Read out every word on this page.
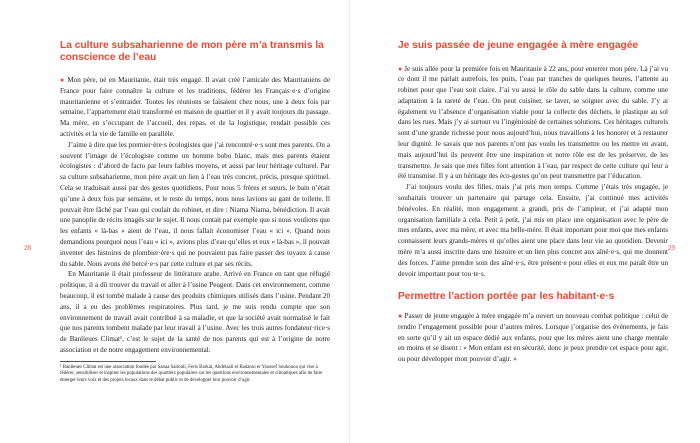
28
La culture subsaharienne de mon père m’a transmis la conscience de l’eau

● Mon père, né en Mauritanie, était très engagé. Il avait créé l’amicale des Mauritaniens de France pour faire connaître la culture et les traditions, fédérer les Français·e·s d’origine mauritanienne et s’entraider. Toutes les réunions se faisaient chez nous, une à deux fois par semaine, l’appartement était transformé en maison de quartier et il y avait toujours du passage. Ma mère, en s’occupant de l’accueil, des repas, et de la logistique, rendait possible ces activités et la vie de famille en parallèle.

J’aime à dire que les premier·ère·s écologistes que j’ai rencontré·e·s sont mes parents. On a souvent l’image de l’écologiste comme un homme bobo blanc, mais mes parents étaient écologistes : d’abord de facto par leurs faibles moyens, et aussi par leur héritage culturel. Par sa culture subsaharienne, mon père avait un lien à l’eau très concret, précis, presque spirituel. Cela se traduisait aussi par des gestes quotidiens. Pour nous 5 frères et sœurs, le bain n’était qu’une à deux fois par semaine, et le reste du temps, nous nous lavions au gant de toilette. Il pouvait être fâché par l’eau qui coulait du robinet, et dire : Niama Niama, bénédiction. Il avait une panoplie de récits imagés sur le sujet. Il nous contait par exemple que si nous voulions que les enfants « là-bas » aient de l’eau, il nous fallait économiser l’eau « ici ». Quand nous demandions pourquoi nous l’eau « ici », avions plus d’eau qu’elles et eux « là-bas », il pouvait inventer des histoires de plombier·ère·s qui ne pouvaient pas faire passer des tuyaux à cause du sable. Nous avons été bercé·e·s par cette culture et par ses récits.

En Mauritanie il était professeur de littérature arabe. Arrivé en France en tant que réfugié politique, il a dû trouver du travail et aller à l’usine Peugeot. Dans cet environnement, comme beaucoup, il est tombé malade à cause des produits chimiques utilisés dans l’usine. Pendant 20 ans, il a eu des problèmes respiratoires. Plus tard, je me suis rendu compte que son environnement de travail avait contribué à sa maladie, et que la société avait normalisé le fait que nos parents tombent malade par leur travail à l’usine. Avec les trois autres fondateur·rice·s de Banlieues Climat¹, c’est le sujet de la santé de nos parents qui est à l’origine de notre association et de notre engagement environnemental.

¹ Banlieues Climat est une association fondée par Sanaa Saitouli, Feris Barkat, Abdelaali el Badaoui et Youssef Soukouna qui vise à fédérer, sensibiliser et inspirer les populations des quartiers populaires sur les questions environnementales et climatiques afin de faire émerger leurs voix et des projets locaux dans le débat public et de développer leur pouvoir d’agir.

29
Je suis passée de jeune engagée à mère engagée

● Je suis allée pour la première fois en Mauritanie à 22 ans, pour enterrer mon père. Là j’ai vu ce dont il me parlait autrefois, les puits, l’eau par tranches de quelques heures, l’attente au robinet pour que l’eau soit claire. J’ai vu aussi le rôle du sable dans la culture, comme une adaptation à la rareté de l’eau. On peut cuisiner, se laver, se soigner avec du sable. J’y ai également vu l’absence d’organisation viable pour la collecte des déchets, le plastique au sol dans les rues. Mais j’y ai surtout vu l’ingéniosité de certaines solutions. Ces héritages culturels sont d’une grande richesse pour nous aujourd’hui, nous travaillons à les honorer et à restaurer leur dignité. Je savais que nos parents n’ont pas voulu les transmettre ou les mettre en avant, mais aujourd’hui ils peuvent être une inspiration et notre rôle est de les préserver, de les transmettre. Je sais que mes filles font attention à l’eau, par respect de cette culture qui leur a été transmise. Il y a un héritage des éco-gestes qu’on peut transmettre par l’éducation.

J’ai toujours voulu des filles, mais j’ai pris mon temps. Comme j’étais très engagée, je souhaitais trouver un partenaire qui partage cela. Ensuite, j’ai continué mes activités bénévoles. En réalité, mon engagement a grandi, pris de l’ampleur, et j’ai adapté mon organisation familiale à cela. Petit à petit, j’ai mis en place une organisation avec le père de mes enfants, avec ma mère, et avec ma belle-mère. Il était important pour moi que mes enfants connaissent leurs grands-mères et qu’elles aient une place dans leur vie au quotidien. Devenir mère m’a aussi inscrite dans une histoire et un lien plus concret aux aîné·e·s, qui me donnent des forces. J’aime prendre soin des aîné·e·s, être présent·e pour elles et eux me paraît être un devoir important pour tou·te·s.

Permettre l’action portée par les habitant·e·s

● Passer de jeune engagée à mère engagée m’a ouvert un nouveau combat politique : celui de rendre l’engagement possible pour d’autres mères. Lorsque j’organise des événements, je fais en sorte qu’il y ait un espace dédié aux enfants, pour que les mères aient une charge mentale en moins et se disent : « Mon enfant est en sécurité, donc je peux prendre cet espace pour agir, ou pour développer mon pouvoir d’agir. »
